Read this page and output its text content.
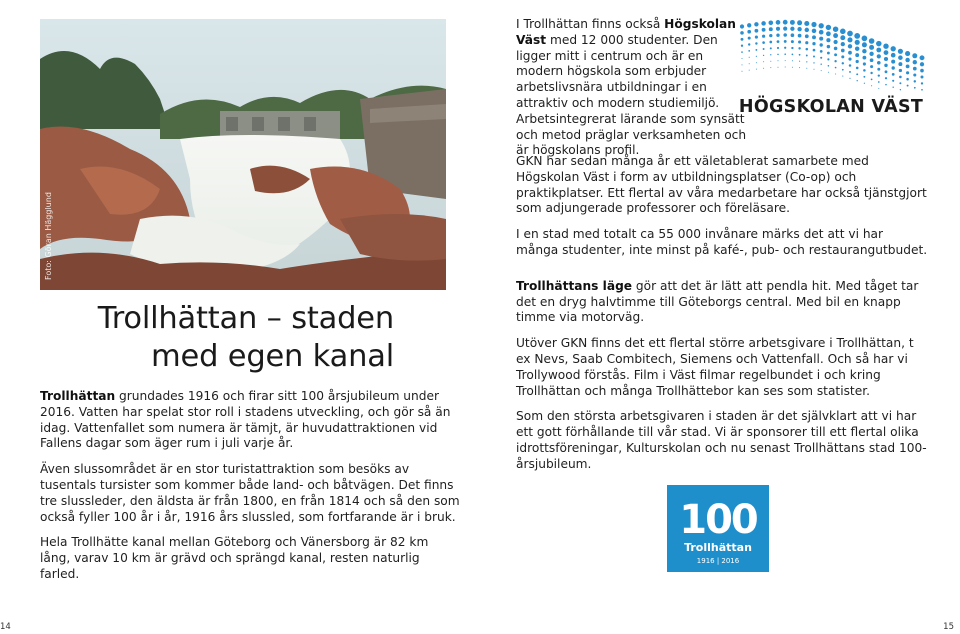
Foto: Göran Hägglund
Trollhättan – staden
med egen kanal

Trollhättan grundades 1916 och firar sitt 100 årsjubileum under 2016. Vatten har spelat stor roll i stadens utveckling, och gör så än idag. Vattenfallet som numera är tämjt, är huvudattraktionen vid Fallens dagar som äger rum i juli varje år.

Även slussområdet är en stor turistattraktion som besöks av tusentals tursister som kommer både land- och båtvägen. Det finns tre slussleder, den äldsta är från 1800, en från 1814 och så den som också fyller 100 år i år, 1916 års slussled, som fortfarande är i bruk.

Hela Trollhätte kanal mellan Göteborg och Vänersborg är 82 km lång, varav 10 km är grävd och sprängd kanal, resten naturlig farled.

14

I Trollhättan finns också Högskolan Väst med 12 000 studenter. Den ligger mitt i centrum och är en modern högskola som erbjuder arbetslivsnära utbildningar i en attraktiv och modern studiemiljö. Arbetsintegrerat lärande som synsätt och metod präglar verksamheten och är högskolans profil.

HÖGSKOLAN VÄST

GKN har sedan många år ett väletablerat samarbete med Högskolan Väst i form av utbildningsplatser (Co-op) och praktikplatser. Ett flertal av våra medarbetare har också tjänstgjort som adjungerade professorer och föreläsare.

I en stad med totalt ca 55 000 invånare märks det att vi har många studenter, inte minst på kafé-, pub- och restaurangutbudet.

Trollhättans läge gör att det är lätt att pendla hit. Med tåget tar det en dryg halvtimme till Göteborgs central. Med bil en knapp timme via motorväg.

Utöver GKN finns det ett flertal större arbetsgivare i Trollhättan, t ex Nevs, Saab Combitech, Siemens och Vattenfall. Och så har vi Trollywood förstås. Film i Väst filmar regelbundet i och kring Trollhättan och många Trollhättebor kan ses som statister.

Som den största arbetsgivaren i staden är det självklart att vi har ett gott förhållande till vår stad. Vi är sponsorer till ett flertal olika idrottsföreningar, Kulturskolan och nu senast Trollhättans stad 100-årsjubileum.

100
Trollhättan
1916 | 2016
15
